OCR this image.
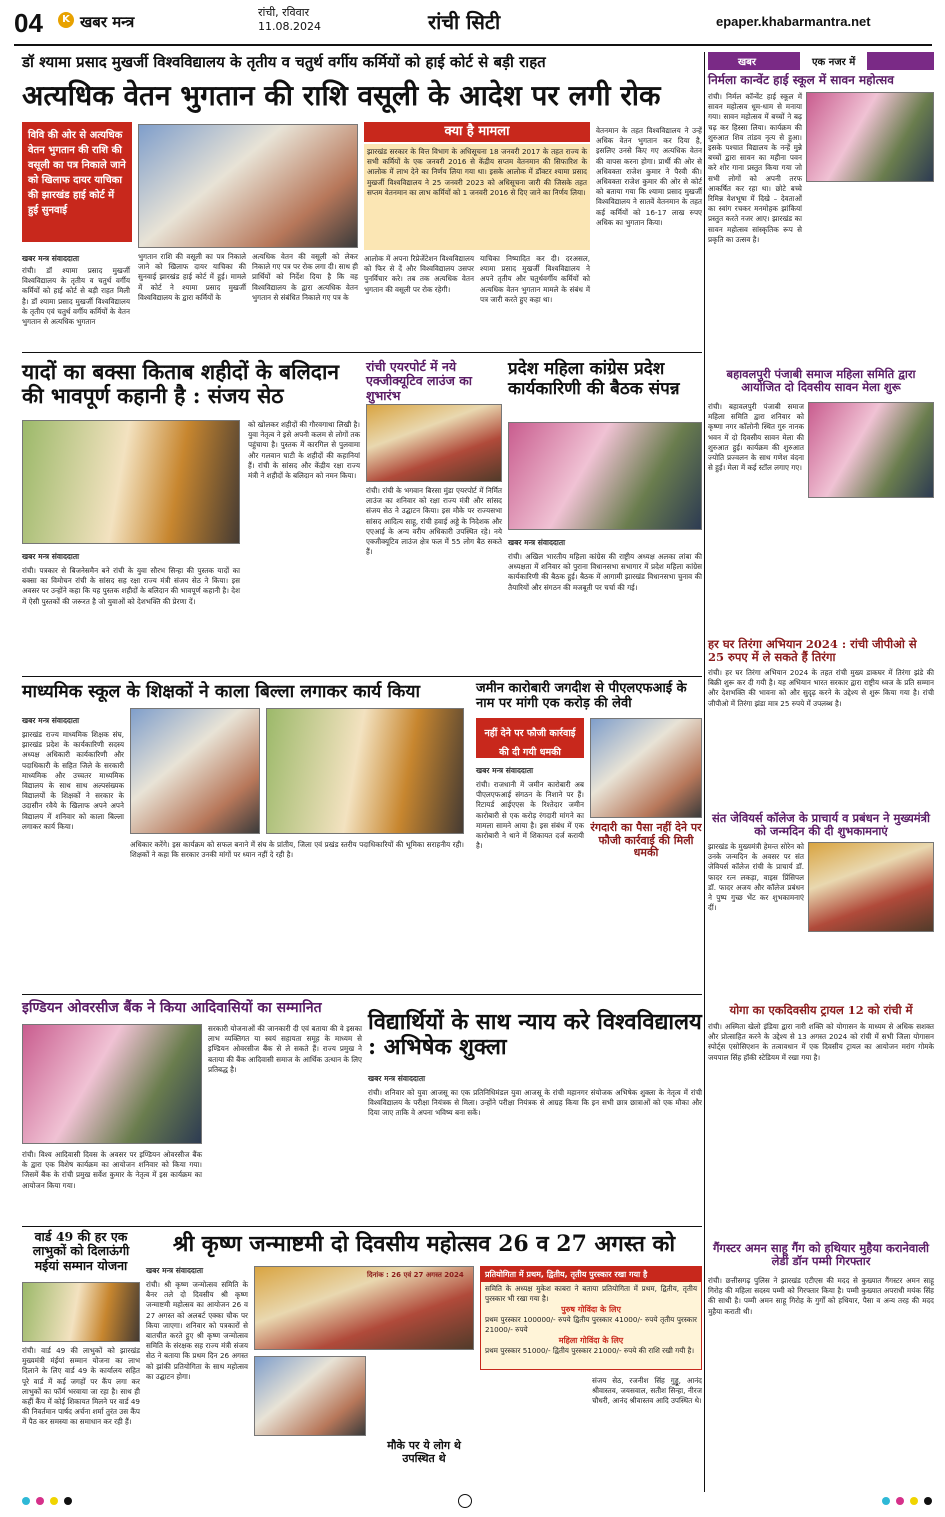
04	K खबर मन्त्र
रांची, रविवार
11.08.2024	रांची सिटी	epaper.khabarmantra.net
डॉ श्यामा प्रसाद मुखर्जी विश्वविद्यालय के तृतीय व चतुर्थ वर्गीय कर्मियों को हाई कोर्ट से बड़ी राहत
अत्यधिक वेतन भुगतान की राशि वसूली के आदेश पर लगी रोक
विवि की ओर से अत्यधिक वेतन भुगतान की राशि की वसूली का पत्र निकाले जाने को खिलाफ दायर याचिका की झारखंड हाई कोर्ट में हुई सुनवाई
क्या है मामला
झारखंड सरकार के वित्त विभाग के अधिसूचना 18 जनवरी 2017 के तहत राज्य के सभी कर्मियों के एक जनवरी 2016 से केंद्रीय सप्तम वेतनमान की सिफारिश के आलोक में लाभ देने का निर्णय लिया गया था। इसके आलोक में डॉक्टर श्यामा प्रसाद मुखर्जी विश्वविद्यालय ने 25 जनवरी 2023 को अधिसूचना जारी की जिसके तहत सप्तम वेतनमान का लाभ कर्मियों को 1 जनवरी 2016 से दिए जाने का निर्णय लिया।
खबर मन्त्र संवाददाता
रांची। डॉ श्यामा प्रसाद मुखर्जी विश्वविद्यालय के तृतीय व चतुर्थ वर्गीय कर्मियों को हाई कोर्ट से बड़ी राहत मिली है। डॉ श्यामा प्रसाद मुखर्जी विश्वविद्यालय के तृतीय एवं चतुर्थ वर्गीय कर्मियों के वेतन भुगतान से अत्यधिक भुगतान
भुगतान राशि की वसूली का पत्र निकाले जाने को खिलाफ दायर याचिका की सुनवाई झारखंड हाई कोर्ट में हुई। मामले में कोर्ट ने श्यामा प्रसाद मुखर्जी विश्वविद्यालय के द्वारा कर्मियों के
अत्यधिक वेतन की वसूली को लेकर निकाले गए पत्र पर रोक लगा दी। साथ ही प्रार्थियों को निर्देश दिया है कि वह विश्वविद्यालय के द्वारा अत्यधिक वेतन भुगतान से संबंधित निकाले गए पत्र के
आलोक में अपना रिप्रेजेंटेशन विश्वविद्यालय को फिर से दें और विश्वविद्यालय उसपर पुनर्विचार करे। तब तक अत्यधिक वेतन भुगतान की वसूली पर रोक रहेगी।
याचिका निष्पादित कर दी। दरअसल, श्यामा प्रसाद मुखर्जी विश्वविद्यालय ने अपने तृतीय और चतुर्थवर्गीय कर्मियों को अत्यधिक वेतन भुगतान मामले के संबंध में पत्र जारी करते हुए कहा था।
वेतनमान के तहत विश्वविद्यालय ने उन्हें अधिक वेतन भुगतान कर दिया है, इसलिए उनसे किए गए अत्यधिक वेतन की वापस करना होगा। प्रार्थी की ओर से अधिवक्ता राजेश कुमार ने पैरवी की। अधिवक्ता राजेश कुमार की ओर से कोर्ट को बताया गया कि श्यामा प्रसाद मुखर्जी विश्वविद्यालय ने सातवें वेतनमान के तहत कई कर्मियों को 16-17 लाख रुपए अधिक का भुगतान किया।
खबर	एक नजर में
निर्मला कान्वेंट हाई स्कूल में सावन महोत्सव
रांची। निर्मल कॉन्वेंट हाई स्कूल में सावन महोत्सव धूम-धाम से मनाया गया। सावन महोत्सव में बच्चों ने बढ़ चढ़ कर हिस्सा लिया। कार्यक्रम की शुरुआत शिव तांडव नृत्य से हुआ। इसके पश्चात विद्यालय के नन्हें मुन्ने बच्चों द्वारा सावन का महीना पवन करे शोर गाना प्रस्तुत किया गया जो सभी लोगों को अपनी तरफ आकर्षित कर रहा था। छोटे बच्चे रिमिन्न वेशभूषा में दिखे – देवताओं का स्वांग रचकर मनमोहक झांकियां प्रस्तुत करते नजर आए। झारखंड का सावन महोत्सव सांस्कृतिक रूप से प्रकृति का उत्सव है।
बहावलपुरी पंजाबी समाज महिला समिति द्वारा आयोजित दो दिवसीय सावन मेला शुरू
रांची। बहावलपुरी पंजाबी समाज महिला समिति द्वारा शनिवार को कृष्णा नगर कॉलोनी स्थित गुरु नानक भवन में दो दिवसीय सावन मेला की शुरुआत हुई। कार्यक्रम की शुरुआत ज्योति प्रज्वलन के साथ गणेश वंदना से हुई। मेला में कई स्टॉल लगाए गए।
हर घर तिरंगा अभियान 2024 : रांची जीपीओ से 25 रुपए में ले सकते हैं तिरंगा
रांची। हर घर तिरंगा अभियान 2024 के तहत रांची मुख्य डाकघर में तिरंगा झंडे की बिक्री शुरू कर दी गयी है। यह अभियान भारत सरकार द्वारा राष्ट्रीय ध्वज के प्रति सम्मान और देशभक्ति की भावना को और सुदृढ़ करने के उद्देश्य से शुरू किया गया है। रांची जीपीओ में तिरंगा झंडा मात्र 25 रुपये में उपलब्ध है।
संत जेवियर्स कॉलेज के प्राचार्य व प्रबंधन ने मुख्यमंत्री को जन्मदिन की दी शुभकामनाएं
झारखंड के मुख्यमंत्री हेमन्त सोरेन को उनके जन्मदिन के अवसर पर संत जेवियर्स कॉलेज रांची के प्राचार्य डॉ. फादर रत्न लकड़ा, वाइस प्रिंसिपल डॉ. फादर अजय और कॉलेज प्रबंधन ने पुष्प गुच्छ भेंट कर शुभकामनाएं दीं।
योगा का एकदिवसीय ट्रायल 12 को रांची में
रांची। अस्मिता खेलो इंडिया द्वारा नारी शक्ति को योगासन के माध्यम से अधिक सशक्त और प्रोत्साहित करने के उद्देश्य से 13 अगस्त 2024 को रांची में सभी जिला योगासन स्पोर्ट्स एसोसिएशन के तत्वावधान में एक दिवसीय ट्रायल का आयोजन मरांग गोमके जयपाल सिंह हॉकी स्टेडियम में रखा गया है।
गैंगस्टर अमन साहू गैंग को हथियार मुहैया करानेवाली लेडी डॉन पम्मी गिरफ्तार
रांची। छत्तीसगढ़ पुलिस ने झारखंड एटीएस की मदद से कुख्यात गैंगस्टर अमन साहू गिरोह की महिला सदस्य पम्मी को गिरफ्तार किया है। पम्मी कुख्यात अपराधी मयंक सिंह की साथी है। पम्मी अमन साहू गिरोह के गुर्गों को हथियार, पैसा व अन्य तरह की मदद मुहैया कराती थी।
यादों का बक्सा किताब शहीदों के बलिदान की भावपूर्ण कहानी है : संजय सेठ
खबर मन्त्र संवाददाता
रांची। पत्रकार से बिजनेसमैन बने रांची के युवा सौरभ सिन्हा की पुस्तक यादों का बक्सा का विमोचन रांची के सांसद सह रक्षा राज्य मंत्री संजय सेठ ने किया। इस अवसर पर उन्होंने कहा कि यह पुस्तक शहीदों के बलिदान की भावपूर्ण कहानी है। देश में ऐसी पुस्तकों की जरूरत है जो युवाओं को देशभक्ति की प्रेरणा दें।
को खोलकर शहीदों की गौरवगाथा लिखी है। युवा नेतृत्व ने इसे अपनी कलम से लोगों तक पहुंचाया है। पुस्तक में कारगिल से पुलवामा और गलवान घाटी के शहीदों की कहानियां हैं। रांची के सांसद और केंद्रीय रक्षा राज्य मंत्री ने शहीदों के बलिदान को नमन किया।
रांची एयरपोर्ट में नये एक्जीक्यूटिव लाउंज का शुभारंभ
रांची। रांची के भगवान बिरसा मुंडा एयरपोर्ट में निर्मित लाउंज का शनिवार को रक्षा राज्य मंत्री और सांसद संजय सेठ ने उद्घाटन किया। इस मौके पर राज्यसभा सांसद आदित्य साहू, रांची हवाई अड्डे के निदेशक और एएआई के अन्य वरीय अधिकारी उपस्थित रहे। नये एक्जीक्यूटिव लाउंज क्षेत्र फल में 55 लोग बैठ सकते हैं।
प्रदेश महिला कांग्रेस प्रदेश कार्यकारिणी की बैठक संपन्न
खबर मन्त्र संवाददाता
रांची। अखिल भारतीय महिला कांग्रेस की राष्ट्रीय अध्यक्ष अलका लांबा की अध्यक्षता में शनिवार को पुराना विधानसभा सभागार में प्रदेश महिला कांग्रेस कार्यकारिणी की बैठक हुई। बैठक में आगामी झारखंड विधानसभा चुनाव की तैयारियों और संगठन की मजबूती पर चर्चा की गई।
माध्यमिक स्कूल के शिक्षकों ने काला बिल्ला लगाकर कार्य किया
खबर मन्त्र संवाददाता
झारखंड राज्य माध्यमिक शिक्षक संघ, झारखंड प्रदेश के कार्यकारिणी सदस्य अध्यक्ष अधिकारी कार्यकारिणी और पदाधिकारी के सहित जिले के सरकारी माध्यमिक और उच्चतर माध्यमिक विद्यालय के साथ साथ अल्पसंख्यक विद्यालयों के शिक्षकों ने सरकार के उदासीन रवैये के खिलाफ अपने अपने विद्यालय में शनिवार को काला बिल्ला लगाकर कार्य किया।
अधिकार करेंगे। इस कार्यक्रम को सफल बनाने में संघ के प्रांतीय, जिला एवं प्रखंड स्तरीय पदाधिकारियों की भूमिका सराहनीय रही। शिक्षकों ने कहा कि सरकार उनकी मांगों पर ध्यान नहीं दे रही है।
जमीन कारोबारी जगदीश से पीएलएफआई के नाम पर मांगी एक करोड़ की लेवी
नहीं देने पर फौजी कार्रवाई की दी गयी धमकी
रंगदारी का पैसा नहीं देने पर फौजी कार्रवाई की मिली धमकी
खबर मन्त्र संवाददाता
रांची। राजधानी में जमीन कारोबारी अब पीएलएफआई संगठन के निशाने पर हैं। रिटायर्ड आईएएस के रिश्तेदार जमीन कारोबारी से एक करोड़ रंगदारी मांगने का मामला सामने आया है। इस संबंध में एक कारोबारी ने थाने में शिकायत दर्ज करायी है।
इण्डियन ओवरसीज बैंक ने किया आदिवासियों का सम्मानित
रांची। विश्व आदिवासी दिवस के अवसर पर इण्डियन ओवरसीज बैंक के द्वारा एक विशेष कार्यक्रम का आयोजन शनिवार को किया गया। जिसमें बैंक के रांची प्रमुख सर्वेश कुमार के नेतृत्व में इस कार्यक्रम का आयोजन किया गया।
सरकारी योजनाओं की जानकारी दी एवं बताया की वे इसका लाभ व्यक्तिगत या स्वयं सहायता समूह के माध्यम से इण्डियन ओवरसीज बैंक से ले सकते हैं। राज्य प्रमुख ने बताया की बैंक आदिवासी समाज के आर्थिक उत्थान के लिए प्रतिबद्ध है।
विद्यार्थियों के साथ न्याय करे विश्वविद्यालय : अभिषेक शुक्ला
खबर मन्त्र संवाददाता
रांची। शनिवार को युवा आजसू का एक प्रतिनिधिमंडल युवा आजसू के रांची महानगर संयोजक अभिषेक शुक्ला के नेतृत्व में रांची विश्वविद्यालय के परीक्षा नियंत्रक से मिला। उन्होंने परीक्षा नियंत्रक से आग्रह किया कि इन सभी छात्र छात्राओं को एक मौका और दिया जाए ताकि वे अपना भविष्य बना सकें।
वार्ड 49 की हर एक लाभुकों को दिलाऊंगी मईयां सम्मान योजना
रांची। वार्ड 49 की लाभुकों को झारखंड मुख्यमंत्री मंईयां सम्मान योजना का लाभ दिलाने के लिए वार्ड 49 के कार्यालय सहित पूरे वार्ड में कई जगहों पर कैंप लगा कर लाभुकों का फॉर्म भरवाया जा रहा है। साथ ही कहीं कैंप में कोई शिकायत मिलने पर वार्ड 49 की निवर्तमान पार्षद अर्चना शर्मा तुरंत उस कैंप में पैठ कर समस्या का समाधान कर रही हैं।
श्री कृष्ण जन्माष्टमी दो दिवसीय महोत्सव 26 व 27 अगस्त को
खबर मन्त्र संवाददाता
रांची। श्री कृष्ण जन्मोत्सव समिति के बैनर तले दो दिवसीय श्री कृष्ण जन्माष्टमी महोत्सव का आयोजन 26 व 27 अगस्त को अलबर्ट एक्का चौक पर किया जाएगा। शनिवार को पत्रकारों से बातचीत करते हुए श्री कृष्ण जन्मोत्सव समिति के संरक्षक सह राज्य मंत्री संजय सेठ ने बताया कि प्रथम दिन 26 अगस्त को झांकी प्रतियोगिता के साथ महोत्सव का उद्घाटन होगा।
दिनांक : 26 एवं 27 अगस्त 2024	प्रतियोगिता में प्रथम, द्वितीय, तृतीय पुरस्कार रखा गया है
समिति के अध्यक्ष मुकेश काबरा ने बताया प्रतियोगिता में प्रथम, द्वितीय, तृतीय पुरस्कार भी रखा गया है।
पुरुष गोविंदा के लिए
प्रथम पुरस्कार 100000/- रुपये द्वितीय पुरस्कार 41000/- रुपये तृतीय पुरस्कार 21000/- रुपये
महिला गोविंदा के लिए
प्रथम पुरस्कार 51000/- द्वितीय पुरस्कार 21000/- रुपये की राशि रखी गयी है।
मौके पर ये लोग थे उपस्थित थे
संजय सेठ, रजनीश सिंह गुड्डू, आनंद श्रीवास्तव, जयसवाल, सतीश सिन्हा, नीरज चौधरी, आनंद श्रीवास्तव आदि उपस्थित थे।
